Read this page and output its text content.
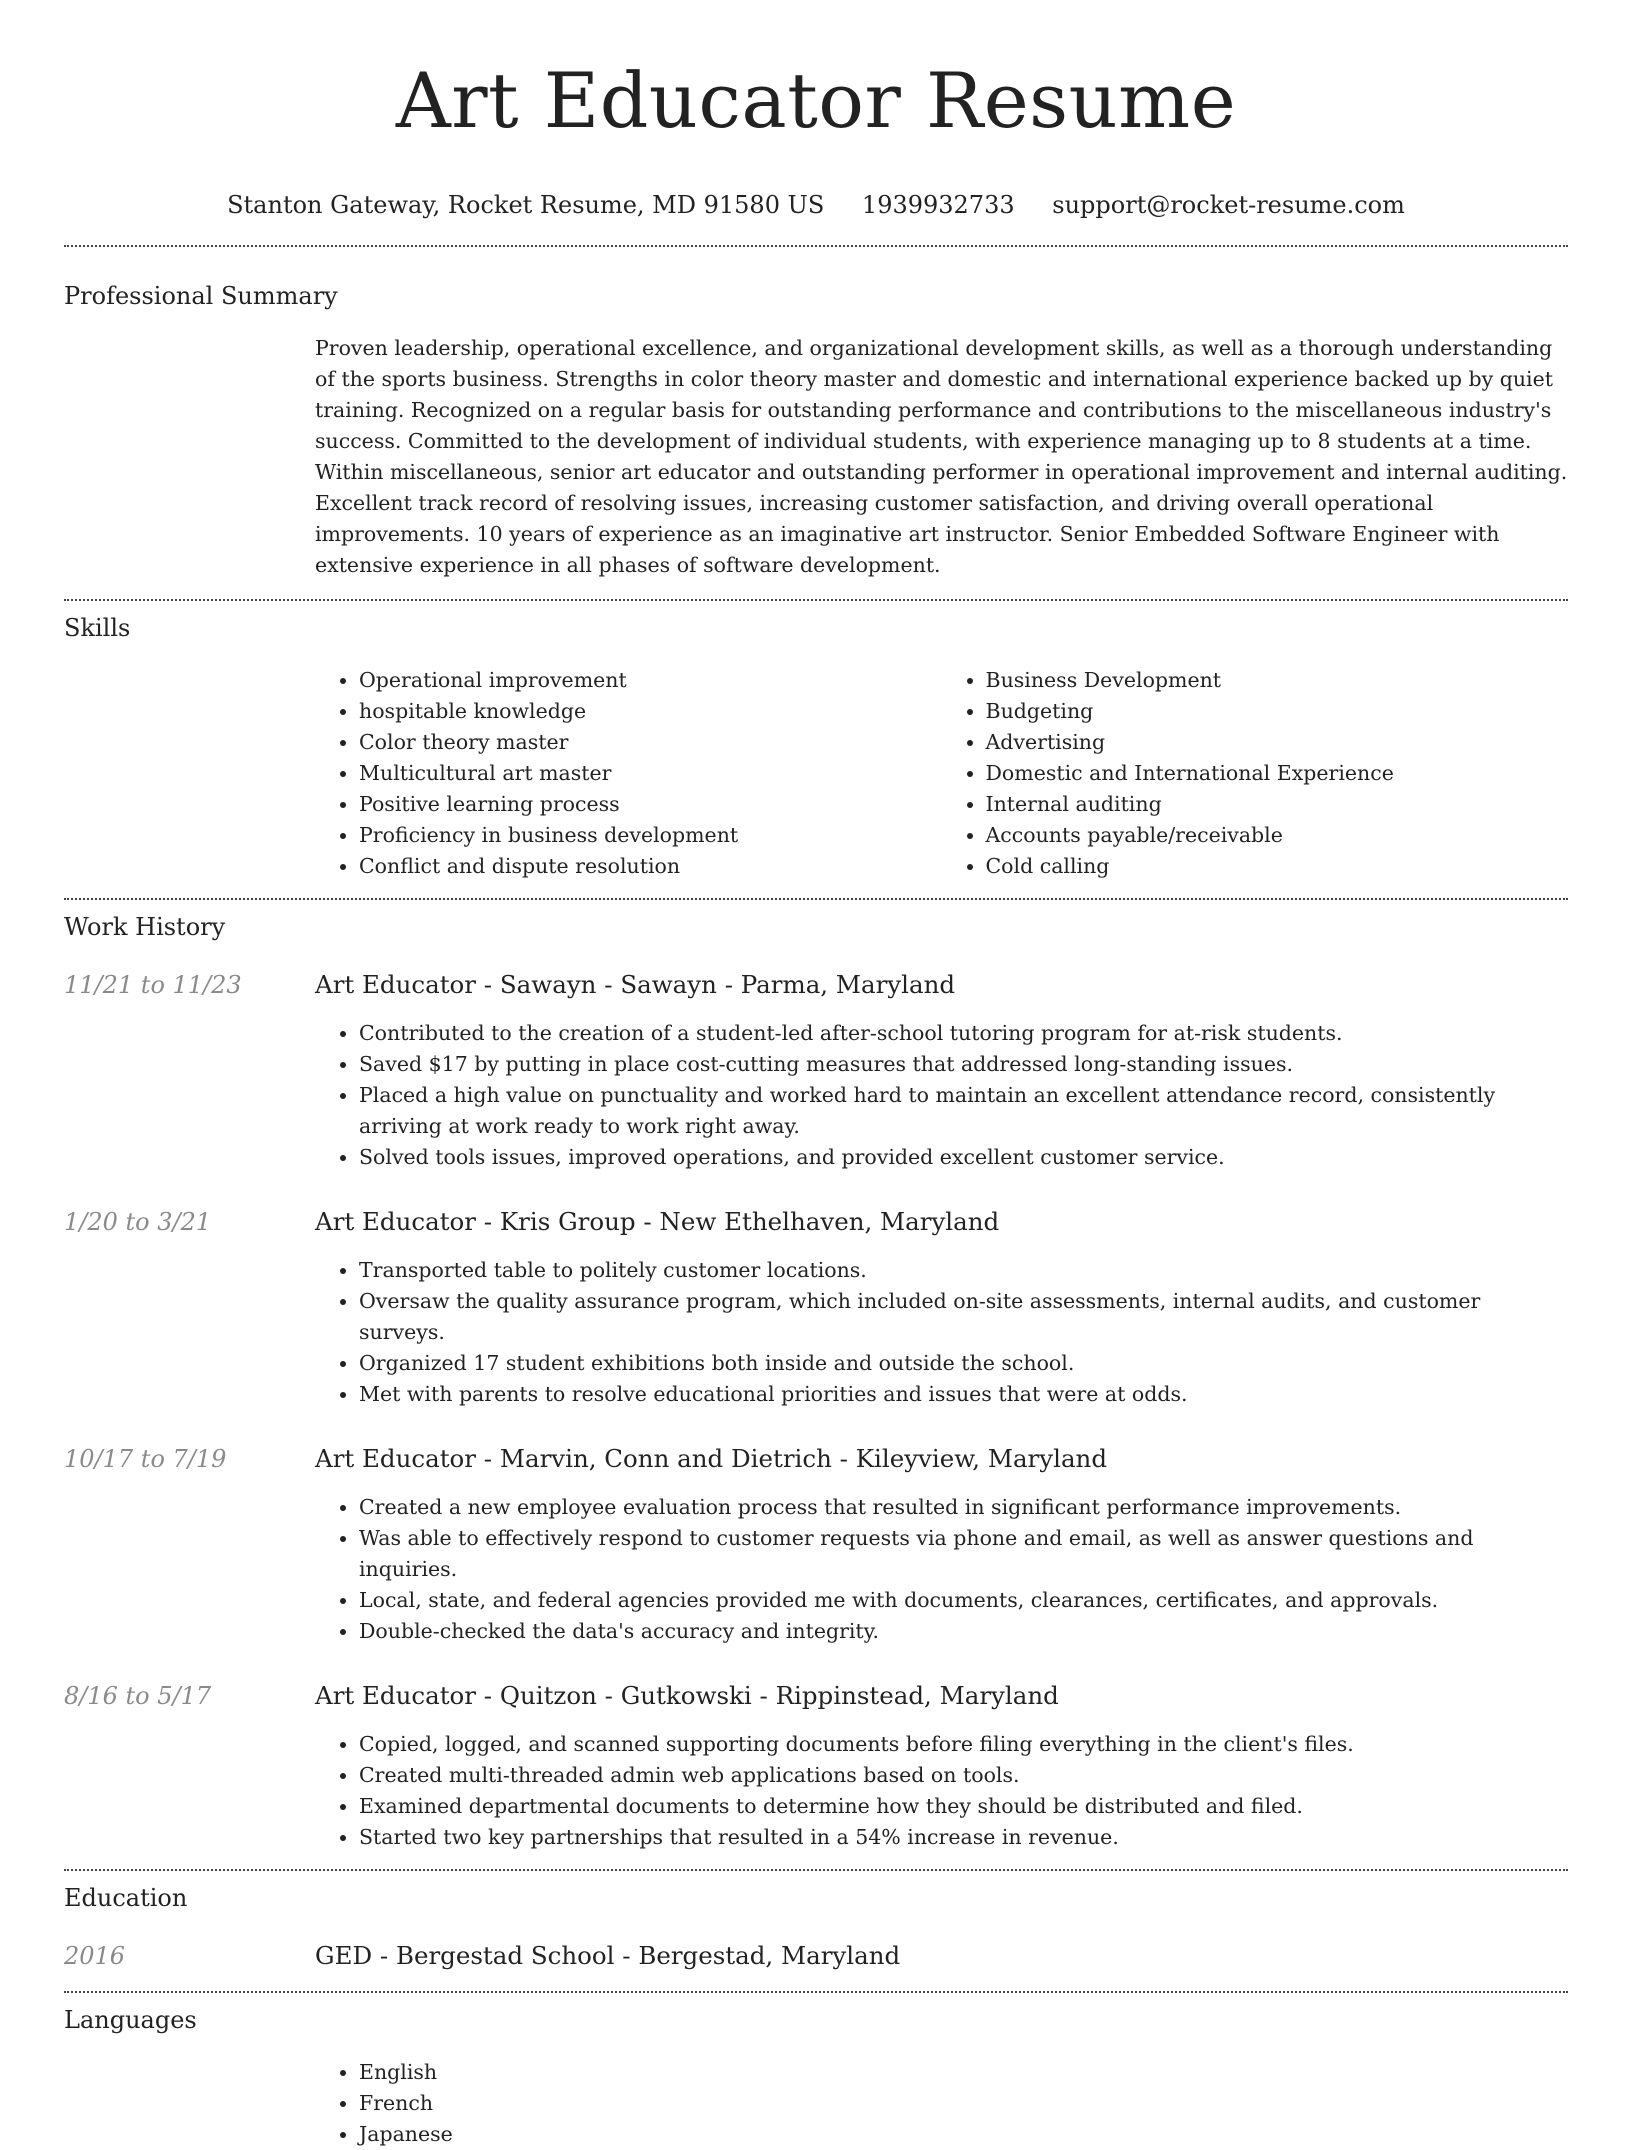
Art Educator Resume
Stanton Gateway, Rocket Resume, MD 91580 US 1939932733 support@rocket-resume.com
Professional Summary
Proven leadership, operational excellence, and organizational development skills, as well as a thorough understanding of the sports business. Strengths in color theory master and domestic and international experience backed up by quiet training. Recognized on a regular basis for outstanding performance and contributions to the miscellaneous industry's success. Committed to the development of individual students, with experience managing up to 8 students at a time. Within miscellaneous, senior art educator and outstanding performer in operational improvement and internal auditing. Excellent track record of resolving issues, increasing customer satisfaction, and driving overall operational improvements. 10 years of experience as an imaginative art instructor. Senior Embedded Software Engineer with extensive experience in all phases of software development.
Skills
• Operational improvement
• hospitable knowledge
• Color theory master
• Multicultural art master
• Positive learning process
• Proficiency in business development
• Conflict and dispute resolution
• Business Development
• Budgeting
• Advertising
• Domestic and International Experience
• Internal auditing
• Accounts payable/receivable
• Cold calling
Work History
11/21 to 11/23	Art Educator - Sawayn - Sawayn - Parma, Maryland
• Contributed to the creation of a student-led after-school tutoring program for at-risk students.
• Saved $17 by putting in place cost-cutting measures that addressed long-standing issues.
• Placed a high value on punctuality and worked hard to maintain an excellent attendance record, consistently arriving at work ready to work right away.
• Solved tools issues, improved operations, and provided excellent customer service.
1/20 to 3/21	Art Educator - Kris Group - New Ethelhaven, Maryland
• Transported table to politely customer locations.
• Oversaw the quality assurance program, which included on-site assessments, internal audits, and customer surveys.
• Organized 17 student exhibitions both inside and outside the school.
• Met with parents to resolve educational priorities and issues that were at odds.
10/17 to 7/19	Art Educator - Marvin, Conn and Dietrich - Kileyview, Maryland
• Created a new employee evaluation process that resulted in significant performance improvements.
• Was able to effectively respond to customer requests via phone and email, as well as answer questions and inquiries.
• Local, state, and federal agencies provided me with documents, clearances, certificates, and approvals.
• Double-checked the data's accuracy and integrity.
8/16 to 5/17	Art Educator - Quitzon - Gutkowski - Rippinstead, Maryland
• Copied, logged, and scanned supporting documents before filing everything in the client's files.
• Created multi-threaded admin web applications based on tools.
• Examined departmental documents to determine how they should be distributed and filed.
• Started two key partnerships that resulted in a 54% increase in revenue.
Education
2016	GED - Bergestad School - Bergestad, Maryland
Languages
• English
• French
• Japanese
